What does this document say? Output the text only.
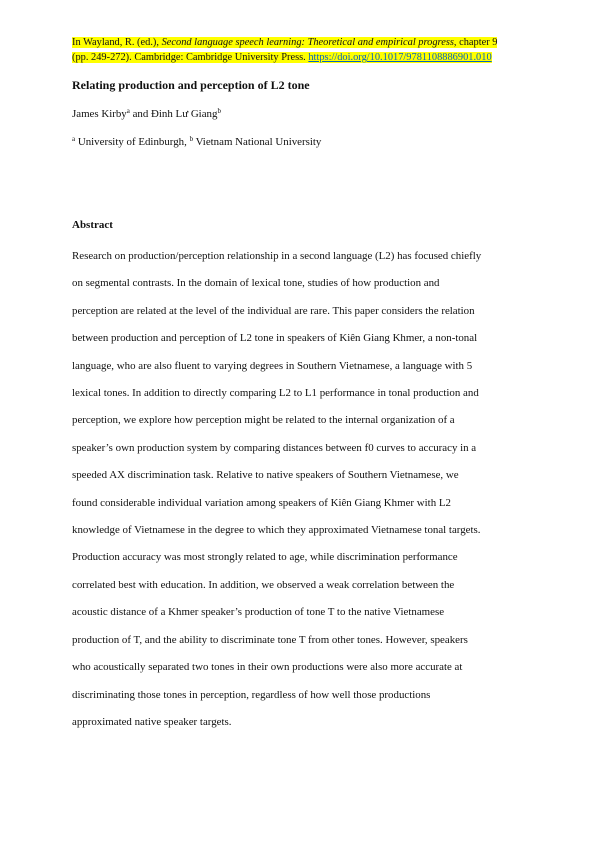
In Wayland, R. (ed.), Second language speech learning: Theoretical and empirical progress, chapter 9
(pp. 249-272). Cambridge: Cambridge University Press. https://doi.org/10.1017/9781108886901.010
Relating production and perception of L2 tone
James Kirby$^a$ and Đinh Lư Giang$^b$
$^a$ University of Edinburgh, $^b$ Vietnam National University
Abstract
Research on production/perception relationship in a second language (L2) has focused chiefly
on segmental contrasts. In the domain of lexical tone, studies of how production and
perception are related at the level of the individual are rare. This paper considers the relation
between production and perception of L2 tone in speakers of Kiên Giang Khmer, a non-tonal
language, who are also fluent to varying degrees in Southern Vietnamese, a language with 5
lexical tones. In addition to directly comparing L2 to L1 performance in tonal production and
perception, we explore how perception might be related to the internal organization of a
speaker’s own production system by comparing distances between f0 curves to accuracy in a
speeded AX discrimination task. Relative to native speakers of Southern Vietnamese, we
found considerable individual variation among speakers of Kiên Giang Khmer with L2
knowledge of Vietnamese in the degree to which they approximated Vietnamese tonal targets.
Production accuracy was most strongly related to age, while discrimination performance
correlated best with education. In addition, we observed a weak correlation between the
acoustic distance of a Khmer speaker’s production of tone T to the native Vietnamese
production of T, and the ability to discriminate tone T from other tones. However, speakers
who acoustically separated two tones in their own productions were also more accurate at
discriminating those tones in perception, regardless of how well those productions
approximated native speaker targets.
